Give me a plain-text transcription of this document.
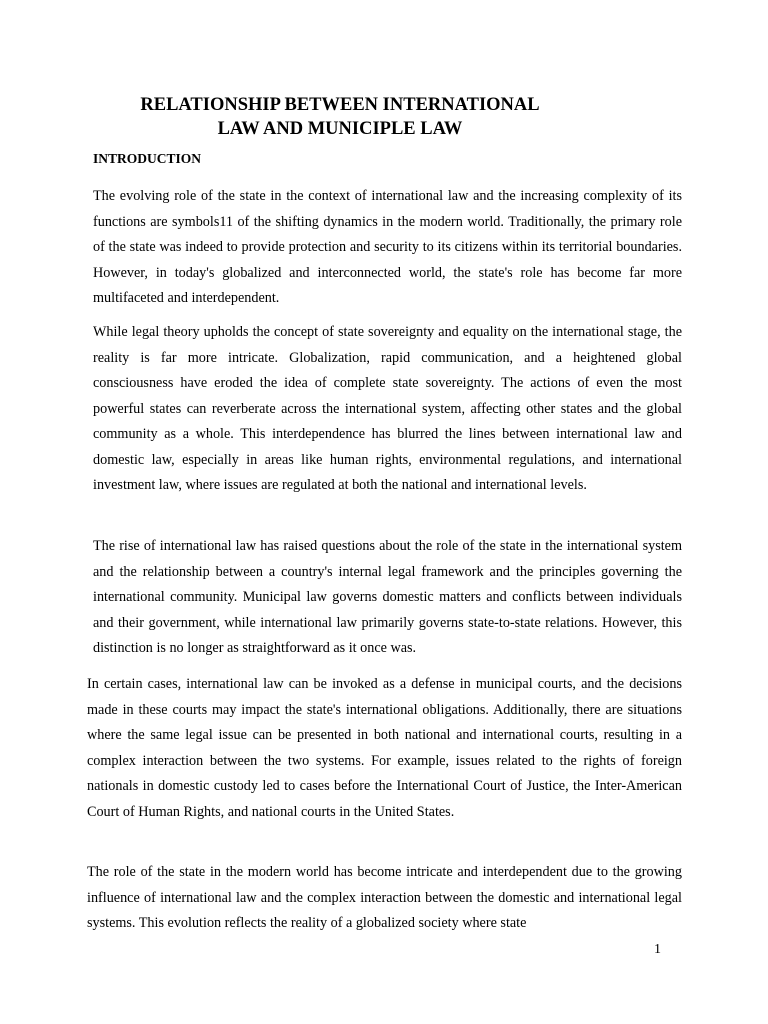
RELATIONSHIP BETWEEN INTERNATIONAL
LAW AND MUNICIPLE LAW
INTRODUCTION

The evolving role of the state in the context of international law and the increasing complexity of its functions are symbols11 of the shifting dynamics in the modern world. Traditionally, the primary role of the state was indeed to provide protection and security to its citizens within its territorial boundaries. However, in today's globalized and interconnected world, the state's role has become far more multifaceted and interdependent.

While legal theory upholds the concept of state sovereignty and equality on the international stage, the reality is far more intricate. Globalization, rapid communication, and a heightened global consciousness have eroded the idea of complete state sovereignty. The actions of even the most powerful states can reverberate across the international system, affecting other states and the global community as a whole. This interdependence has blurred the lines between international law and domestic law, especially in areas like human rights, environmental regulations, and international investment law, where issues are regulated at both the national and international levels.

The rise of international law has raised questions about the role of the state in the international system and the relationship between a country's internal legal framework and the principles governing the international community. Municipal law governs domestic matters and conflicts between individuals and their government, while international law primarily governs state-to-state relations. However, this distinction is no longer as straightforward as it once was.

In certain cases, international law can be invoked as a defense in municipal courts, and the decisions made in these courts may impact the state's international obligations. Additionally, there are situations where the same legal issue can be presented in both national and international courts, resulting in a complex interaction between the two systems. For example, issues related to the rights of foreign nationals in domestic custody led to cases before the International Court of Justice, the Inter-American Court of Human Rights, and national courts in the United States.

The role of the state in the modern world has become intricate and interdependent due to the growing influence of international law and the complex interaction between the domestic and international legal systems. This evolution reflects the reality of a globalized society where state

1
